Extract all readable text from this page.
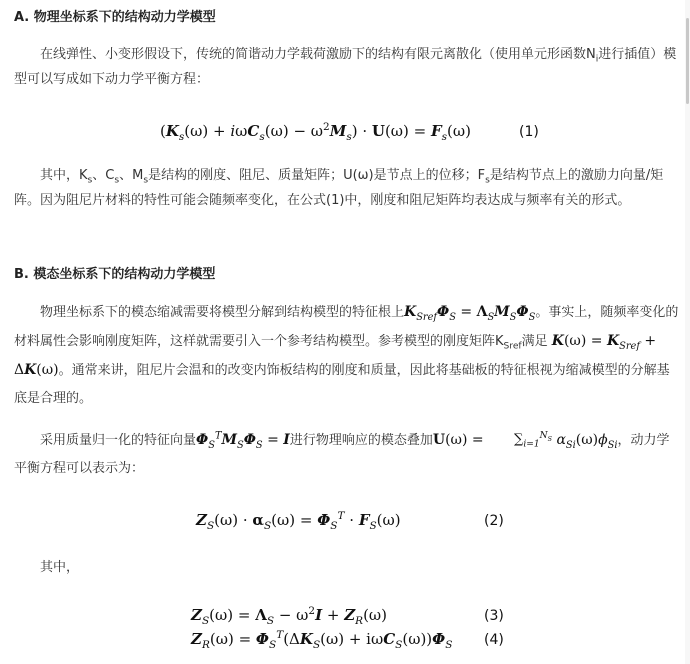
A. 物理坐标系下的结构动力学模型
在线弹性、小变形假设下，传统的简谐动力学载荷激励下的结构有限元离散化（使用单元形函数$N_i$进行插值）模型可以写成如下动力学平衡方程：
$(K_s(\omega) + i\omega C_s(\omega) - \omega^2M_s) \cdot U(\omega) = F_s(\omega)$	(1)
其中，$K_s$、$C_s$、$M_s$是结构的刚度、阻尼、质量矩阵；U(ω)是节点上的位移；$F_s$是结构节点上的激励力向量/矩阵。因为阻尼片材料的特性可能会随频率变化，在公式(1)中，刚度和阻尼矩阵均表达成与频率有关的形式。
B. 模态坐标系下的结构动力学模型
物理坐标系下的模态缩减需要将模型分解到结构模型的特征根上$K_{Sref}\Phi_S = \Lambda_SM_S\Phi_S$。事实上，随频率变化的材料属性会影响刚度矩阵，这样就需要引入一个参考结构模型。参考模型的刚度矩阵$K_{Sref}$满足 $K(\omega) = K_{Sref} + \Delta K(\omega)$。通常来讲，阻尼片会温和的改变内饰板结构的刚度和质量，因此将基础板的特征根视为缩减模型的分解基底是合理的。
采用质量归一化的特征向量$\Phi_S^TM_S\Phi_S = I$进行物理响应的模态叠加$U(\omega) = \sum_{i=1}^{N_S}$ $\alpha_{Si}(\omega)\phi_{Si}$，动力学平衡方程可以表示为：
$Z_S(\omega) \cdot \alpha_S(\omega) = \Phi_S^T \cdot F_S(\omega)$	(2)
其中，
$Z_S(\omega) = \Lambda_S - \omega^2I + Z_R(\omega)$	(3)
$Z_R(\omega) = \Phi_S^T(\Delta K_S(\omega) + i\omega C_S(\omega))\Phi_S$ (4)
